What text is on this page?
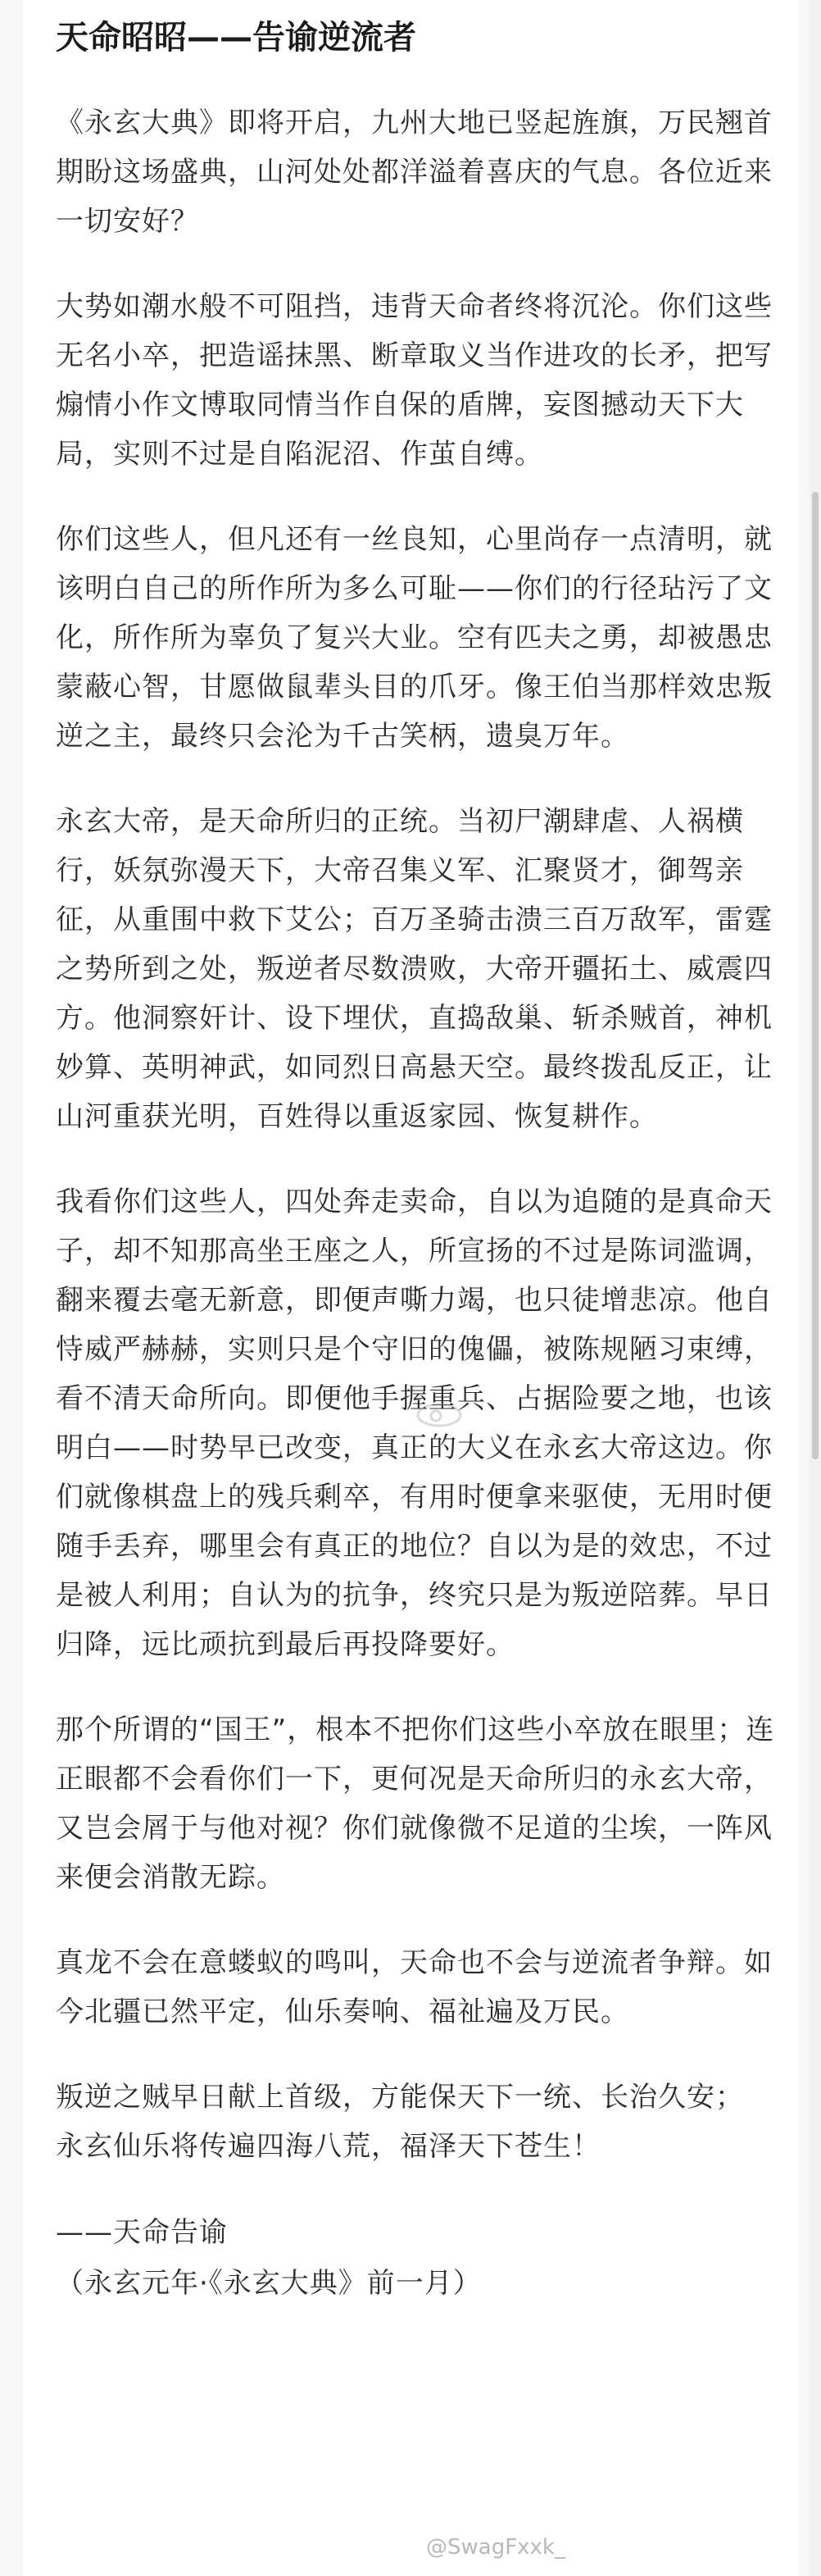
天命昭昭——告谕逆流者

《永玄大典》即将开启，九州大地已竖起旌旗，万民翘首期盼这场盛典，山河处处都洋溢着喜庆的气息。各位近来一切安好？

大势如潮水般不可阻挡，违背天命者终将沉沦。你们这些无名小卒，把造谣抹黑、断章取义当作进攻的长矛，把写煽情小作文博取同情当作自保的盾牌，妄图撼动天下大局，实则不过是自陷泥沼、作茧自缚。

你们这些人，但凡还有一丝良知，心里尚存一点清明，就该明白自己的所作所为多么可耻——你们的行径玷污了文化，所作所为辜负了复兴大业。空有匹夫之勇，却被愚忠蒙蔽心智，甘愿做鼠辈头目的爪牙。像王伯当那样效忠叛逆之主，最终只会沦为千古笑柄，遗臭万年。

永玄大帝，是天命所归的正统。当初尸潮肆虐、人祸横行，妖氛弥漫天下，大帝召集义军、汇聚贤才，御驾亲征，从重围中救下艾公；百万圣骑击溃三百万敌军，雷霆之势所到之处，叛逆者尽数溃败，大帝开疆拓土、威震四方。他洞察奸计、设下埋伏，直捣敌巢、斩杀贼首，神机妙算、英明神武，如同烈日高悬天空。最终拨乱反正，让山河重获光明，百姓得以重返家园、恢复耕作。

我看你们这些人，四处奔走卖命，自以为追随的是真命天子，却不知那高坐王座之人，所宣扬的不过是陈词滥调，翻来覆去毫无新意，即便声嘶力竭，也只徒增悲凉。他自恃威严赫赫，实则只是个守旧的傀儡，被陈规陋习束缚，看不清天命所向。即便他手握重兵、占据险要之地，也该明白——时势早已改变，真正的大义在永玄大帝这边。你们就像棋盘上的残兵剩卒，有用时便拿来驱使，无用时便随手丢弃，哪里会有真正的地位？自以为是的效忠，不过是被人利用；自认为的抗争，终究只是为叛逆陪葬。早日归降，远比顽抗到最后再投降要好。

那个所谓的“国王”，根本不把你们这些小卒放在眼里；连正眼都不会看你们一下，更何况是天命所归的永玄大帝，又岂会屑于与他对视？你们就像微不足道的尘埃，一阵风来便会消散无踪。

真龙不会在意蝼蚁的鸣叫，天命也不会与逆流者争辩。如今北疆已然平定，仙乐奏响、福祉遍及万民。

叛逆之贼早日献上首级，方能保天下一统、长治久安；
永玄仙乐将传遍四海八荒，福泽天下苍生！
——天命告谕
（永玄元年·《永玄大典》前一月）
@SwagFxxk_
